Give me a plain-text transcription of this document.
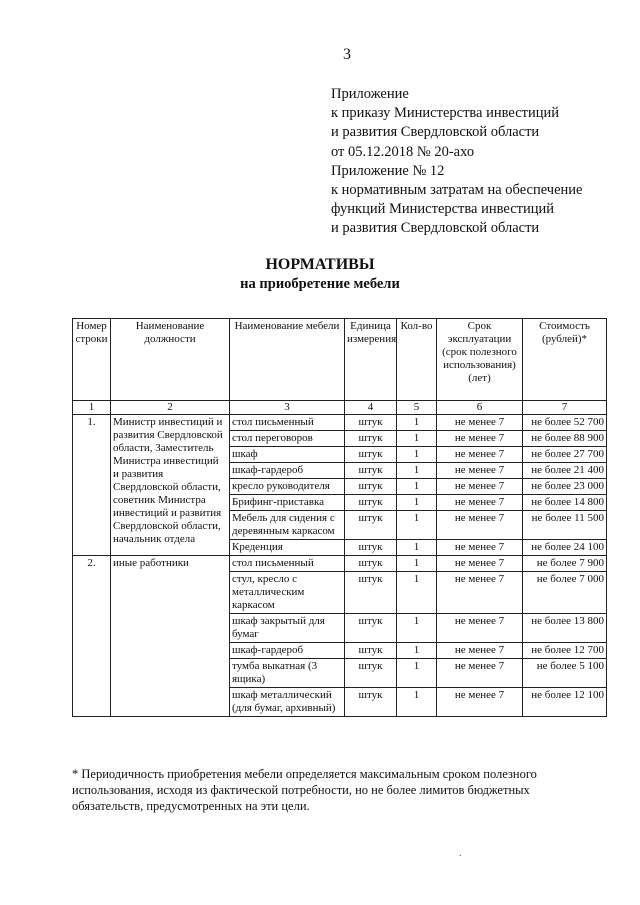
3
Приложение
к приказу Министерства инвестиций
и развития Свердловской области
от 05.12.2018 № 20-ахо
Приложение № 12
к нормативным затратам на обеспечение
функций Министерства инвестиций
и развития Свердловской области
НОРМАТИВЫ
на приобретение мебели
Номер строки	Наименование должности	Наименование мебели	Единица измерения	Кол-во	Срок эксплуатации (срок полезного использования) (лет)	Стоимость (рублей)*
1	2	3	4	5	6	7
1.	Министр инвестиций и развития Свердловской области, Заместитель Министра инвестиций и развития Свердловской области, советник Министра инвестиций и развития Свердловской области, начальник отдела	стол письменный	штук	1	не менее 7	не более 52 700
		стол переговоров	штук	1	не менее 7	не более 88 900
		шкаф	штук	1	не менее 7	не более 27 700
		шкаф-гардероб	штук	1	не менее 7	не более 21 400
		кресло руководителя	штук	1	не менее 7	не более 23 000
		Брифинг-приставка	штук	1	не менее 7	не более 14 800
		Мебель для сидения с деревянным каркасом	штук	1	не менее 7	не более 11 500
		Креденция	штук	1	не менее 7	не более 24 100
2.	иные работники	стол письменный	штук	1	не менее 7	не более 7 900
		стул, кресло с металлическим каркасом	штук	1	не менее 7	не более 7 000
		шкаф закрытый для бумаг	штук	1	не менее 7	не более 13 800
		шкаф-гардероб	штук	1	не менее 7	не более 12 700
		тумба выкатная (3 ящика)	штук	1	не менее 7	не более 5 100
		шкаф металлический (для бумаг, архивный)	штук	1	не менее 7	не более 12 100
* Периодичность приобретения мебели определяется максимальным сроком полезного использования, исходя из фактической потребности, но не более лимитов бюджетных обязательств, предусмотренных на эти цели.
.
